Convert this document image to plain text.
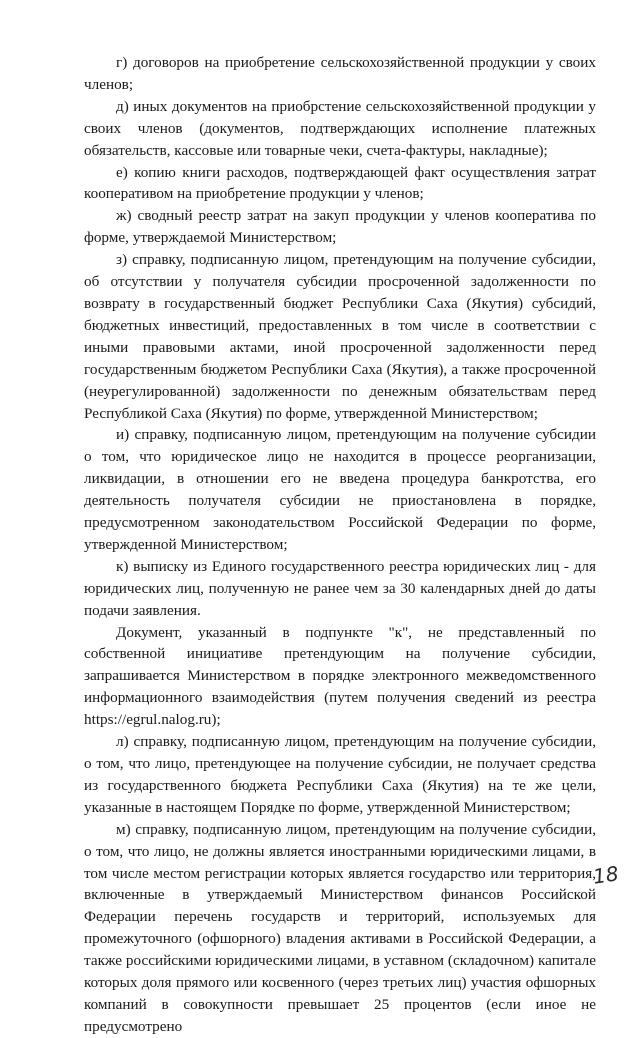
г) договоров на приобретение сельскохозяйственной продукции у своих членов;

д) иных документов на приобрстение сельскохозяйственной продукции у своих членов (документов, подтверждающих исполнение платежных обязательств, кассовые или товарные чеки, счета-фактуры, накладные);

е) копию книги расходов, подтверждающей факт осуществления затрат кооперативом на приобретение продукции у членов;

ж) сводный реестр затрат на закуп продукции у членов кооператива по форме, утверждаемой Министерством;

з) справку, подписанную лицом, претендующим на получение субсидии, об отсутствии у получателя субсидии просроченной задолженности по возврату в государственный бюджет Республики Саха (Якутия) субсидий, бюджетных инвестиций, предоставленных в том числе в соответствии с иными правовыми актами, иной просроченной задолженности перед государственным бюджетом Республики Саха (Якутия), а также просроченной (неурегулированной) задолженности по денежным обязательствам перед Республикой Саха (Якутия) по форме, утвержденной Министерством;

и) справку, подписанную лицом, претендующим на получение субсидии о том, что юридическое лицо не находится в процессе реорганизации, ликвидации, в отношении его не введена процедура банкротства, его деятельность получателя субсидии не приостановлена в порядке, предусмотренном законодательством Российской Федерации по форме, утвержденной Министерством;

к) выписку из Единого государственного реестра юридических лиц - для юридических лиц, полученную не ранее чем за 30 календарных дней до даты подачи заявления.

Документ, указанный в подпункте "к", не представленный по собственной инициативе претендующим на получение субсидии, запрашивается Министерством в порядке электронного межведомственного информационного взаимодействия (путем получения сведений из реестра https://egrul.nalog.ru);

л) справку, подписанную лицом, претендующим на получение субсидии, о том, что лицо, претендующее на получение субсидии, не получает средства из государственного бюджета Республики Саха (Якутия) на те же цели, указанные в настоящем Порядке по форме, утвержденной Министерством;

м) справку, подписанную лицом, претендующим на получение субсидии, о том, что лицо, не должны является иностранными юридическими лицами, в том числе местом регистрации которых является государство или территория, включенные в утверждаемый Министерством финансов Российской Федерации перечень государств и территорий, используемых для промежуточного (офшорного) владения активами в Российской Федерации, а также российскими юридическими лицами, в уставном (складочном) капитале которых доля прямого или косвенного (через третьих лиц) участия офшорных компаний в совокупности превышает 25 процентов (если иное не предусмотрено

18
